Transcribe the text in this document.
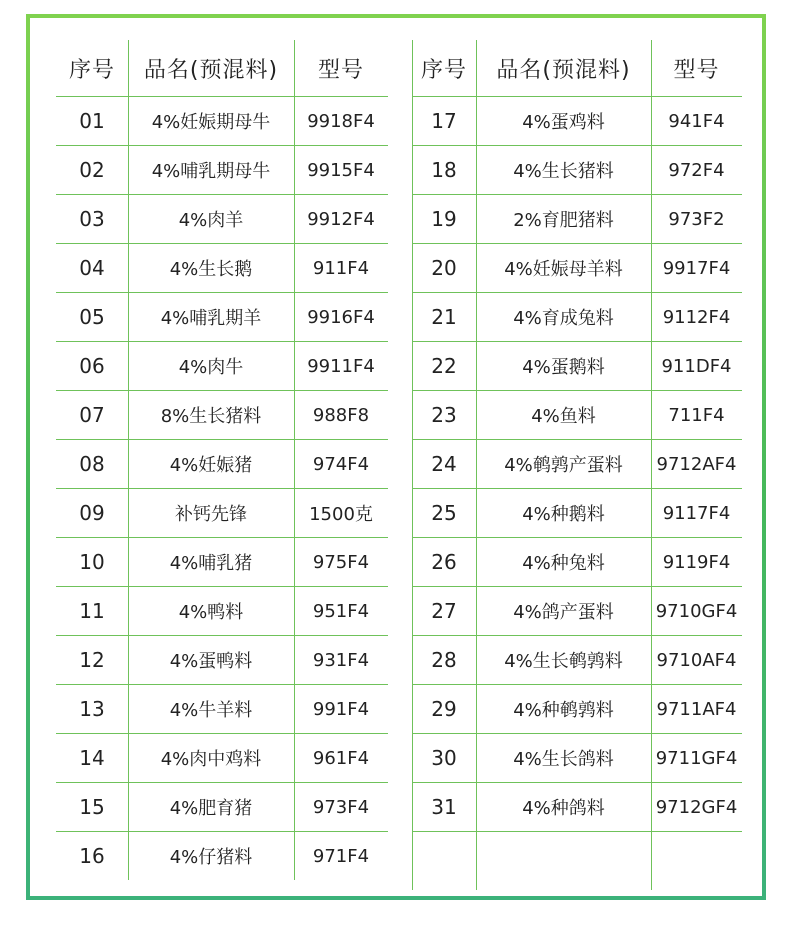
序号	品名(预混料)	型号
01	4%妊娠期母牛	9918F4
02	4%哺乳期母牛	9915F4
03	4%肉羊	9912F4
04	4%生长鹅	911F4
05	4%哺乳期羊	9916F4
06	4%肉牛	9911F4
07	8%生长猪料	988F8
08	4%妊娠猪	974F4
09	补钙先锋	1500克
10	4%哺乳猪	975F4
11	4%鸭料	951F4
12	4%蛋鸭料	931F4
13	4%牛羊料	991F4
14	4%肉中鸡料	961F4
15	4%肥育猪	973F4
16	4%仔猪料	971F4
序号	品名(预混料)	型号
17	4%蛋鸡料	941F4
18	4%生长猪料	972F4
19	2%育肥猪料	973F2
20	4%妊娠母羊料	9917F4
21	4%育成兔料	9112F4
22	4%蛋鹅料	911DF4
23	4%鱼料	711F4
24	4%鹌鹑产蛋料	9712AF4
25	4%种鹅料	9117F4
26	4%种兔料	9119F4
27	4%鸽产蛋料	9710GF4
28	4%生长鹌鹑料	9710AF4
29	4%种鹌鹑料	9711AF4
30	4%生长鸽料	9711GF4
31	4%种鸽料	9712GF4
